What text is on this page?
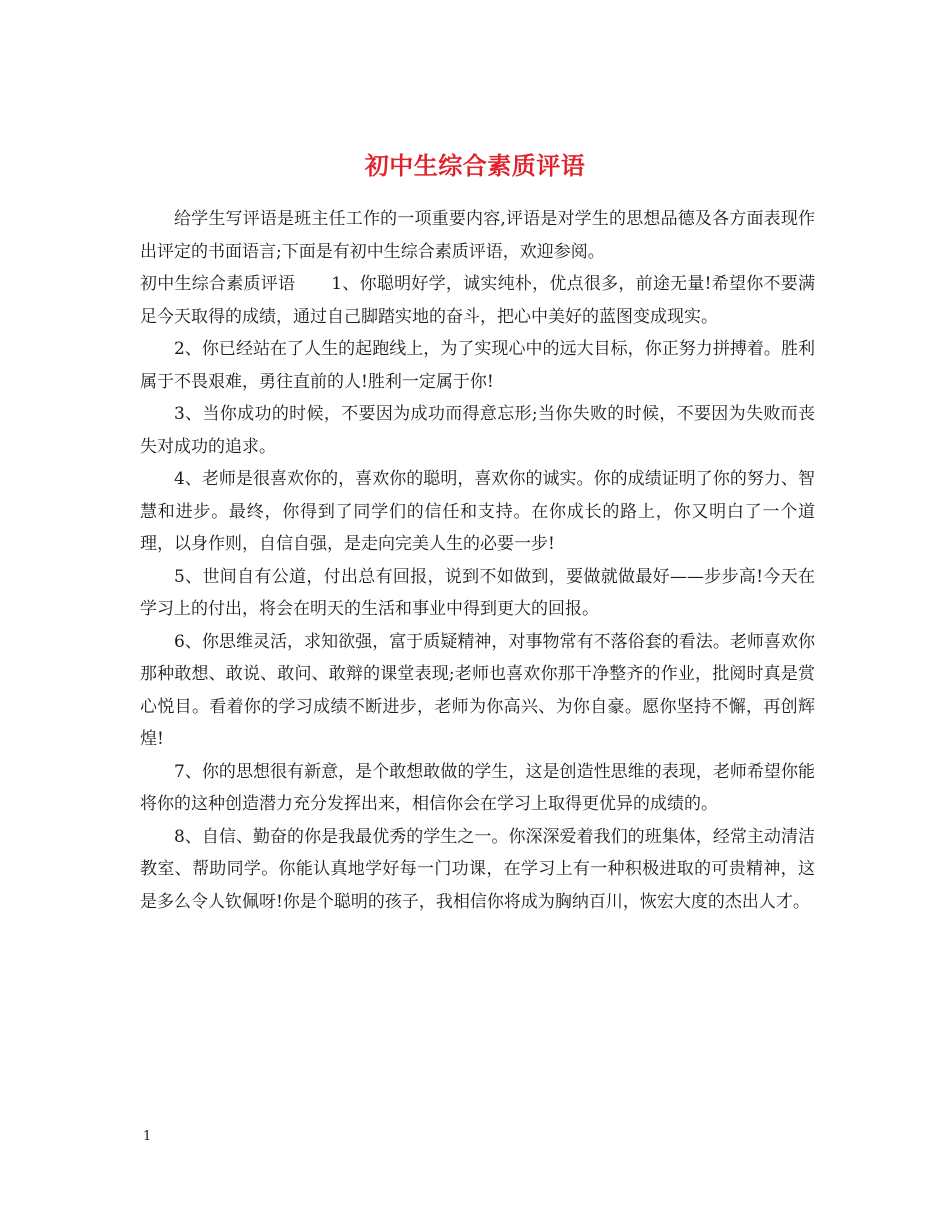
初中生综合素质评语

给学生写评语是班主任工作的一项重要内容,评语是对学生的思想品德及各方面表现作出评定的书面语言;下面是有初中生综合素质评语，欢迎参阅。

初中生综合素质评语 1、你聪明好学，诚实纯朴，优点很多，前途无量!希望你不要满足今天取得的成绩，通过自己脚踏实地的奋斗，把心中美好的蓝图变成现实。

2、你已经站在了人生的起跑线上，为了实现心中的远大目标，你正努力拼搏着。胜利属于不畏艰难，勇往直前的人!胜利一定属于你!

3、当你成功的时候，不要因为成功而得意忘形;当你失败的时候，不要因为失败而丧失对成功的追求。

4、老师是很喜欢你的，喜欢你的聪明，喜欢你的诚实。你的成绩证明了你的努力、智慧和进步。最终，你得到了同学们的信任和支持。在你成长的路上，你又明白了一个道理，以身作则，自信自强，是走向完美人生的必要一步!

5、世间自有公道，付出总有回报，说到不如做到，要做就做最好——步步高!今天在学习上的付出，将会在明天的生活和事业中得到更大的回报。

6、你思维灵活，求知欲强，富于质疑精神，对事物常有不落俗套的看法。老师喜欢你那种敢想、敢说、敢问、敢辩的课堂表现;老师也喜欢你那干净整齐的作业，批阅时真是赏心悦目。看着你的学习成绩不断进步，老师为你高兴、为你自豪。愿你坚持不懈，再创辉煌!

7、你的思想很有新意，是个敢想敢做的学生，这是创造性思维的表现，老师希望你能将你的这种创造潜力充分发挥出来，相信你会在学习上取得更优异的成绩的。

8、自信、勤奋的你是我最优秀的学生之一。你深深爱着我们的班集体，经常主动清洁教室、帮助同学。你能认真地学好每一门功课，在学习上有一种积极进取的可贵精神，这是多么令人钦佩呀!你是个聪明的孩子，我相信你将成为胸纳百川，恢宏大度的杰出人才。

1
